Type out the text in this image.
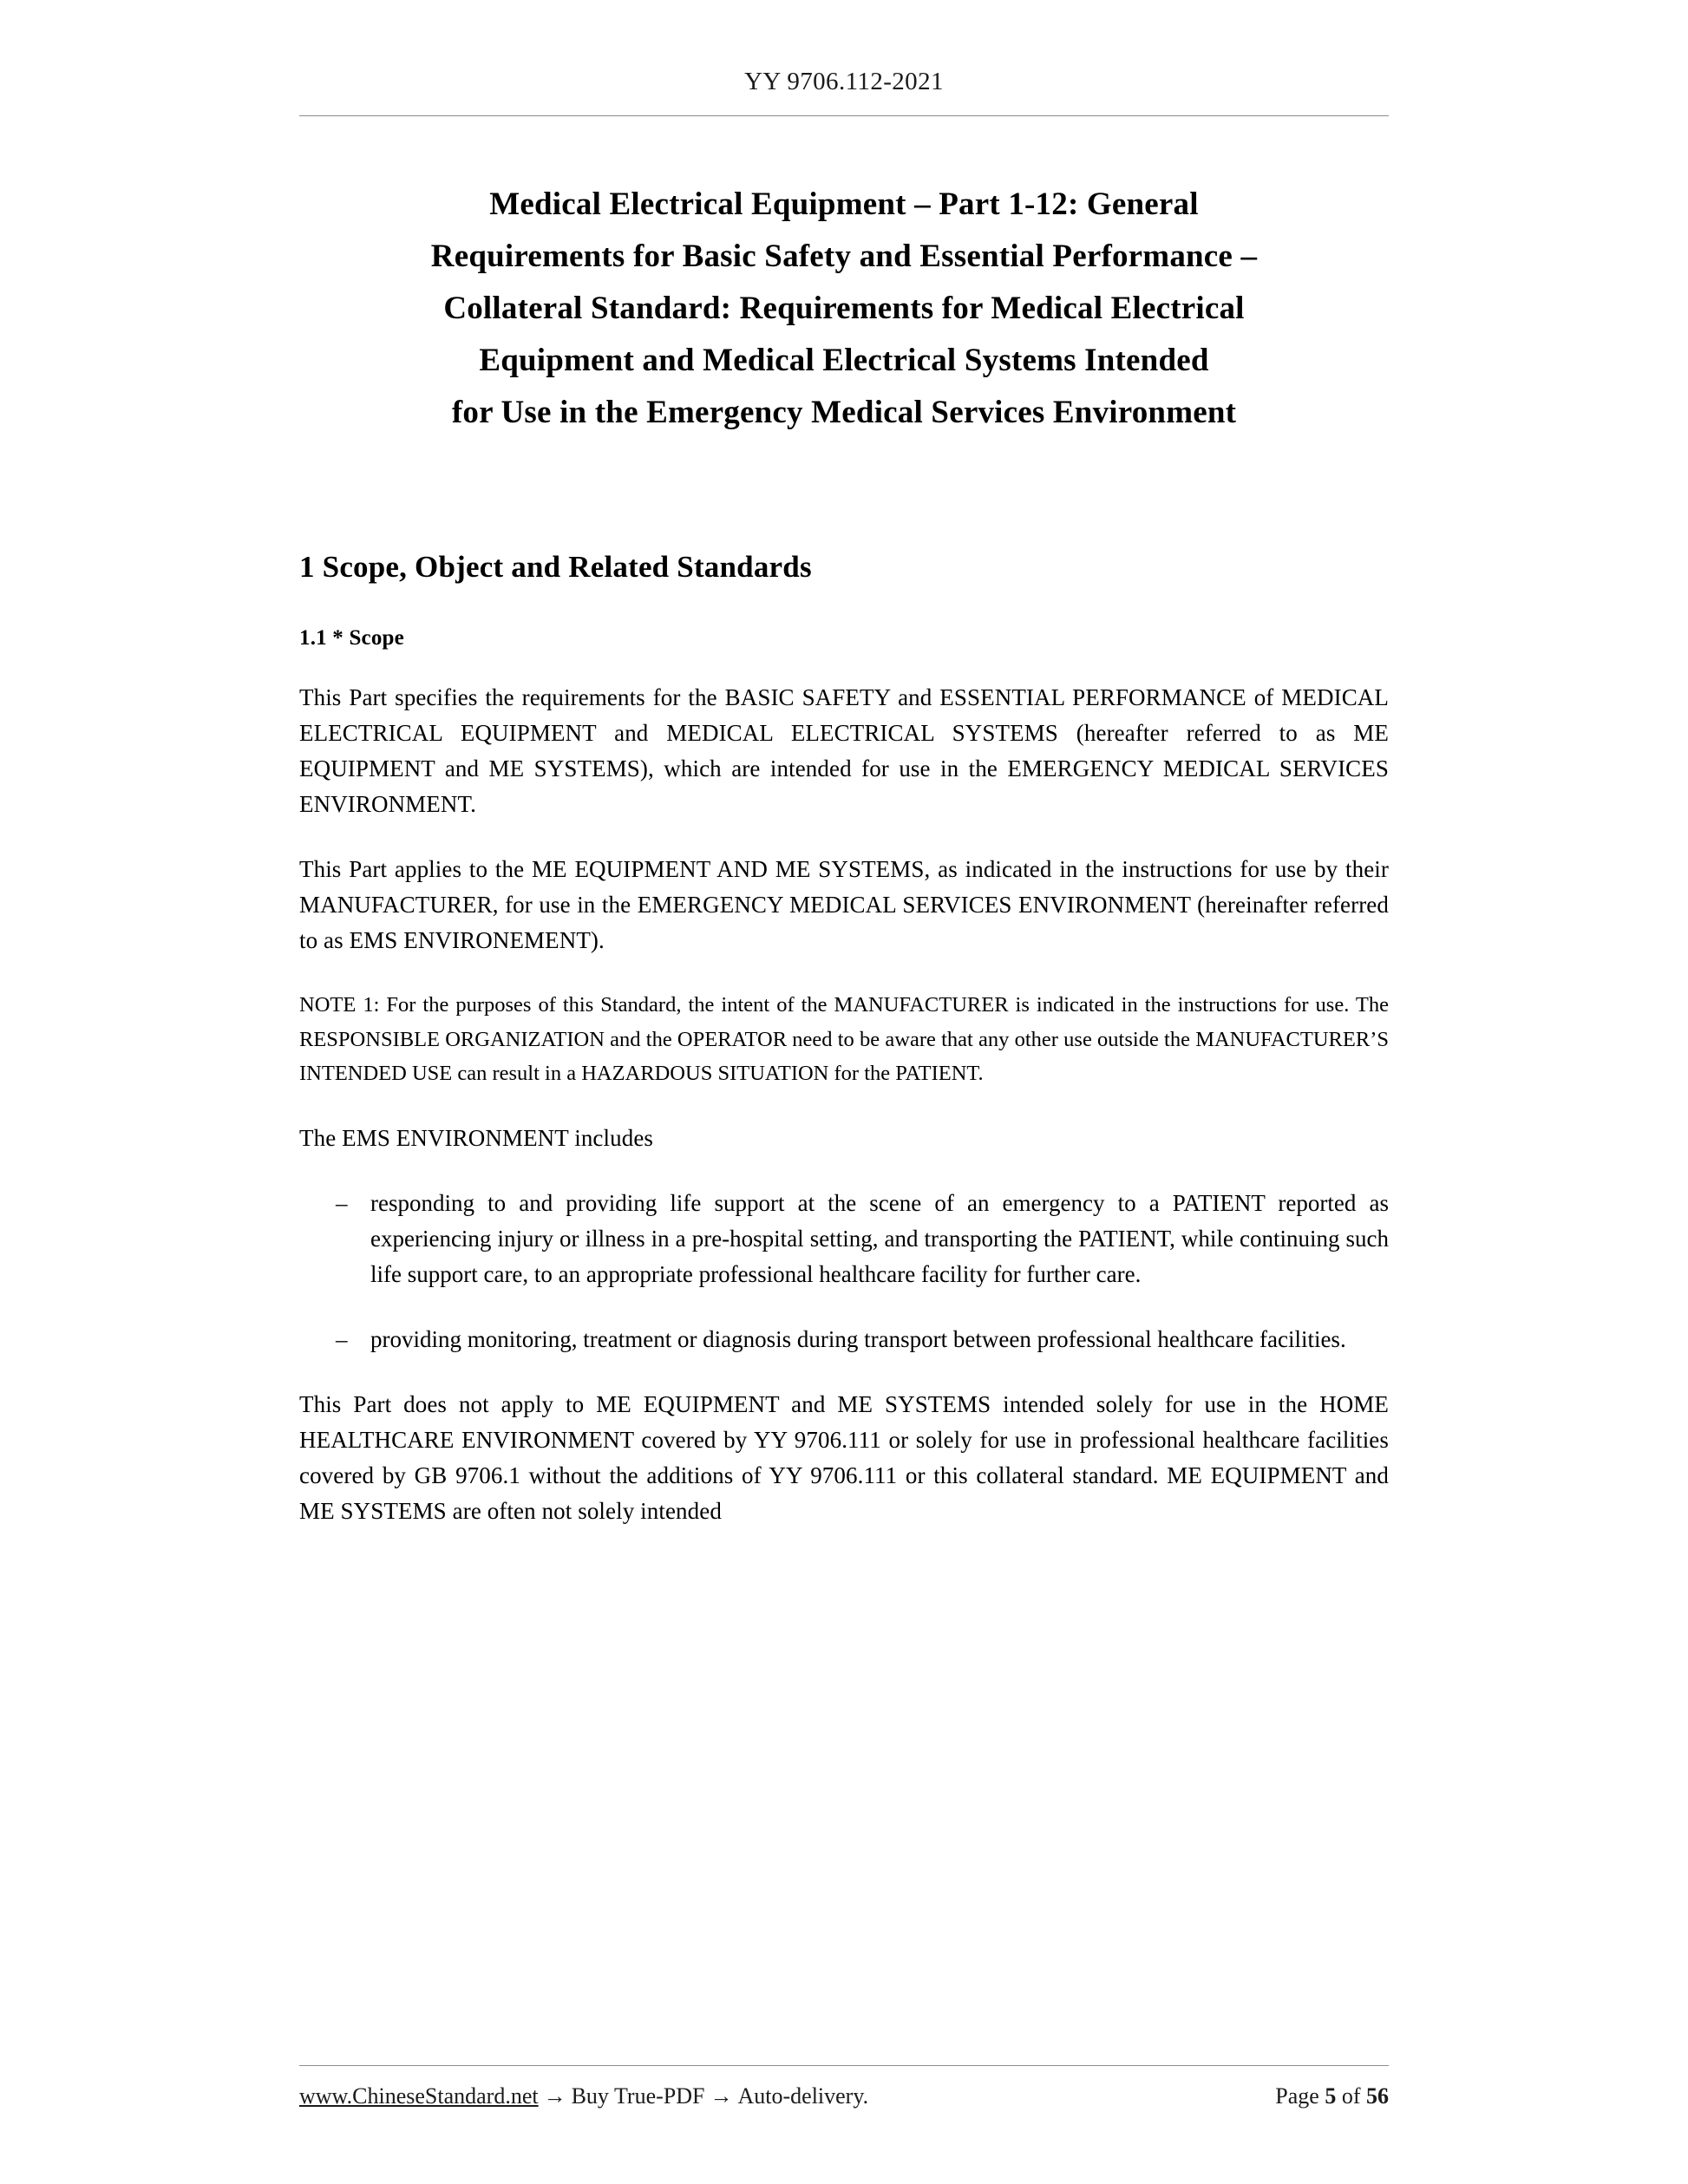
YY 9706.112-2021
Medical Electrical Equipment – Part 1-12: General
Requirements for Basic Safety and Essential Performance –
Collateral Standard: Requirements for Medical Electrical
Equipment and Medical Electrical Systems Intended
for Use in the Emergency Medical Services Environment
1 Scope, Object and Related Standards
1.1 * Scope

This Part specifies the requirements for the BASIC SAFETY and ESSENTIAL PERFORMANCE of MEDICAL ELECTRICAL EQUIPMENT and MEDICAL ELECTRICAL SYSTEMS (hereafter referred to as ME EQUIPMENT and ME SYSTEMS), which are intended for use in the EMERGENCY MEDICAL SERVICES ENVIRONMENT.

This Part applies to the ME EQUIPMENT AND ME SYSTEMS, as indicated in the instructions for use by their MANUFACTURER, for use in the EMERGENCY MEDICAL SERVICES ENVIRONMENT (hereinafter referred to as EMS ENVIRONEMENT).

NOTE 1: For the purposes of this Standard, the intent of the MANUFACTURER is indicated in the instructions for use. The RESPONSIBLE ORGANIZATION and the OPERATOR need to be aware that any other use outside the MANUFACTURER’S INTENDED USE can result in a HAZARDOUS SITUATION for the PATIENT.

The EMS ENVIRONMENT includes

– responding to and providing life support at the scene of an emergency to a PATIENT reported as experiencing injury or illness in a pre-hospital setting, and transporting the PATIENT, while continuing such life support care, to an appropriate professional healthcare facility for further care.
– providing monitoring, treatment or diagnosis during transport between professional healthcare facilities.

This Part does not apply to ME EQUIPMENT and ME SYSTEMS intended solely for use in the HOME HEALTHCARE ENVIRONMENT covered by YY 9706.111 or solely for use in professional healthcare facilities covered by GB 9706.1 without the additions of YY 9706.111 or this collateral standard. ME EQUIPMENT and ME SYSTEMS are often not solely intended

www.ChineseStandard.net → Buy True-PDF → Auto-delivery.	Page 5 of 56
